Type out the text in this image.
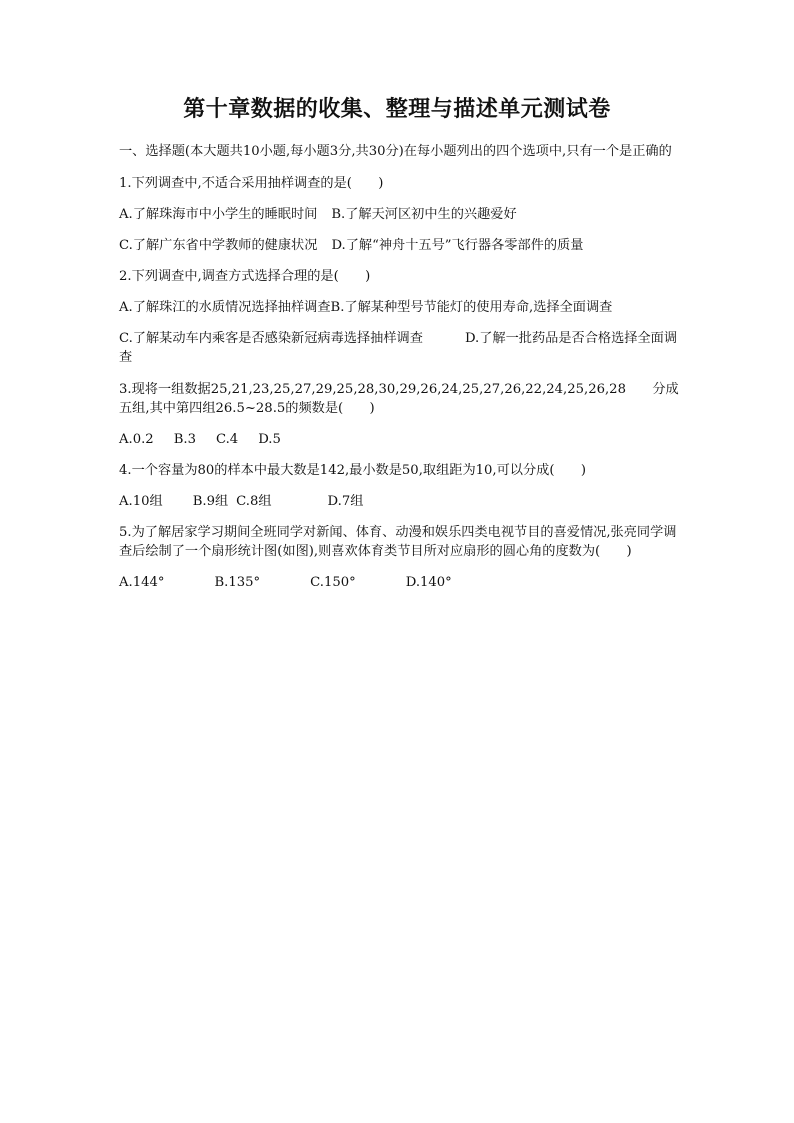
第十章数据的收集、整理与描述单元测试卷

一、选择题(本大题共10小题,每小题3分,共30分)在每小题列出的四个选项中,只有一个是正确的

1.下列调查中,不适合采用抽样调查的是(　　)

A.了解珠海市中小学生的睡眠时间 B.了解天河区初中生的兴趣爱好
C.了解广东省中学教师的健康状况 D.了解“神舟十五号”飞行器各零部件的质量

2.下列调查中,调查方式选择合理的是(　　)

A.了解珠江的水质情况选择抽样调查 B.了解某种型号节能灯的使用寿命,选择全面调查

C.了解某动车内乘客是否感染新冠病毒选择抽样调查	D.了解一批药品是否合格选择全面调查

3.现将一组数据25,21,23,25,27,29,25,28,30,29,26,24,25,27,26,22,24,25,26,28　　分成五组,其中第四组26.5~28.5的频数是(　　)

A.0.2 B.3 C.4 D.5

4.一个容量为80的样本中最大数是142,最小数是50,取组距为10,可以分成(　　)

A.10组 B.9组 C.8组	D.7组

5.为了解居家学习期间全班同学对新闻、体育、动漫和娱乐四类电视节目的喜爱情况,张亮同学调查后绘制了一个扇形统计图(如图),则喜欢体育类节目所对应扇形的圆心角的度数为(　　)

A.144°	B.135°	C.150°	D.140°
